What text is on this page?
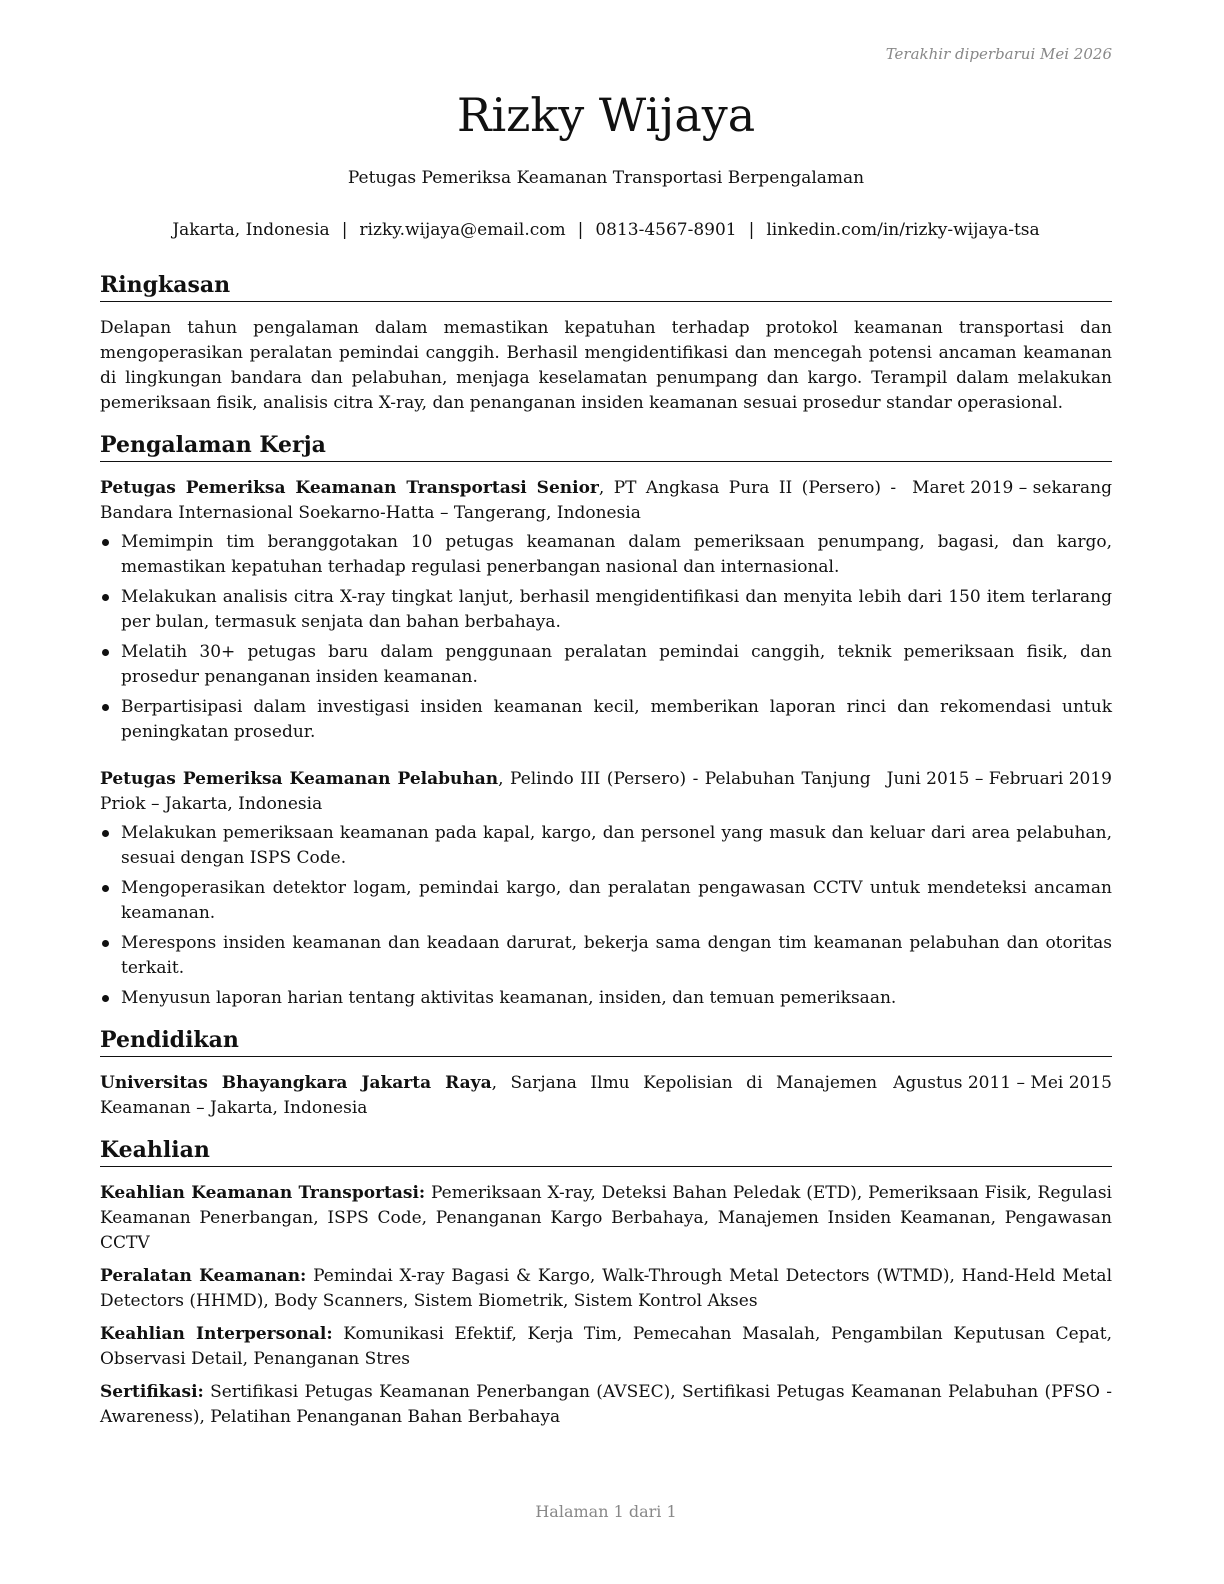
Terakhir diperbarui Mei 2026
Rizky Wijaya
Petugas Pemeriksa Keamanan Transportasi Berpengalaman
Jakarta, Indonesia | rizky.wijaya@email.com | 0813-4567-8901 | linkedin.com/in/rizky-wijaya-tsa
Ringkasan

Delapan tahun pengalaman dalam memastikan kepatuhan terhadap protokol keamanan transportasi dan mengoperasikan peralatan pemindai canggih. Berhasil mengidentifikasi dan mencegah potensi ancaman keamanan di lingkungan bandara dan pelabuhan, menjaga keselamatan penumpang dan kargo. Terampil dalam melakukan pemeriksaan fisik, analisis citra X-ray, dan penanganan insiden keamanan sesuai prosedur standar operasional.

Pengalaman Kerja
Maret 2019 – sekarang
Petugas Pemeriksa Keamanan Transportasi Senior, PT Angkasa Pura II (Persero) - Bandara Internasional Soekarno-Hatta – Tangerang, Indonesia
Memimpin tim beranggotakan 10 petugas keamanan dalam pemeriksaan penumpang, bagasi, dan kargo, memastikan kepatuhan terhadap regulasi penerbangan nasional dan internasional.
Melakukan analisis citra X-ray tingkat lanjut, berhasil mengidentifikasi dan menyita lebih dari 150 item terlarang per bulan, termasuk senjata dan bahan berbahaya.
Melatih 30+ petugas baru dalam penggunaan peralatan pemindai canggih, teknik pemeriksaan fisik, dan prosedur penanganan insiden keamanan.
Berpartisipasi dalam investigasi insiden keamanan kecil, memberikan laporan rinci dan rekomendasi untuk peningkatan prosedur.
Juni 2015 – Februari 2019
Petugas Pemeriksa Keamanan Pelabuhan, Pelindo III (Persero) - Pelabuhan Tanjung Priok – Jakarta, Indonesia
Melakukan pemeriksaan keamanan pada kapal, kargo, dan personel yang masuk dan keluar dari area pelabuhan, sesuai dengan ISPS Code.
Mengoperasikan detektor logam, pemindai kargo, dan peralatan pengawasan CCTV untuk mendeteksi ancaman keamanan.
Merespons insiden keamanan dan keadaan darurat, bekerja sama dengan tim keamanan pelabuhan dan otoritas terkait.
Menyusun laporan harian tentang aktivitas keamanan, insiden, dan temuan pemeriksaan.
Pendidikan
Agustus 2011 – Mei 2015
Universitas Bhayangkara Jakarta Raya, Sarjana Ilmu Kepolisian di Manajemen Keamanan – Jakarta, Indonesia
Keahlian
Keahlian Keamanan Transportasi: Pemeriksaan X-ray, Deteksi Bahan Peledak (ETD), Pemeriksaan Fisik, Regulasi Keamanan Penerbangan, ISPS Code, Penanganan Kargo Berbahaya, Manajemen Insiden Keamanan, Pengawasan CCTV
Peralatan Keamanan: Pemindai X-ray Bagasi & Kargo, Walk-Through Metal Detectors (WTMD), Hand-Held Metal Detectors (HHMD), Body Scanners, Sistem Biometrik, Sistem Kontrol Akses
Keahlian Interpersonal: Komunikasi Efektif, Kerja Tim, Pemecahan Masalah, Pengambilan Keputusan Cepat, Observasi Detail, Penanganan Stres
Sertifikasi: Sertifikasi Petugas Keamanan Penerbangan (AVSEC), Sertifikasi Petugas Keamanan Pelabuhan (PFSO - Awareness), Pelatihan Penanganan Bahan Berbahaya
Halaman 1 dari 1
